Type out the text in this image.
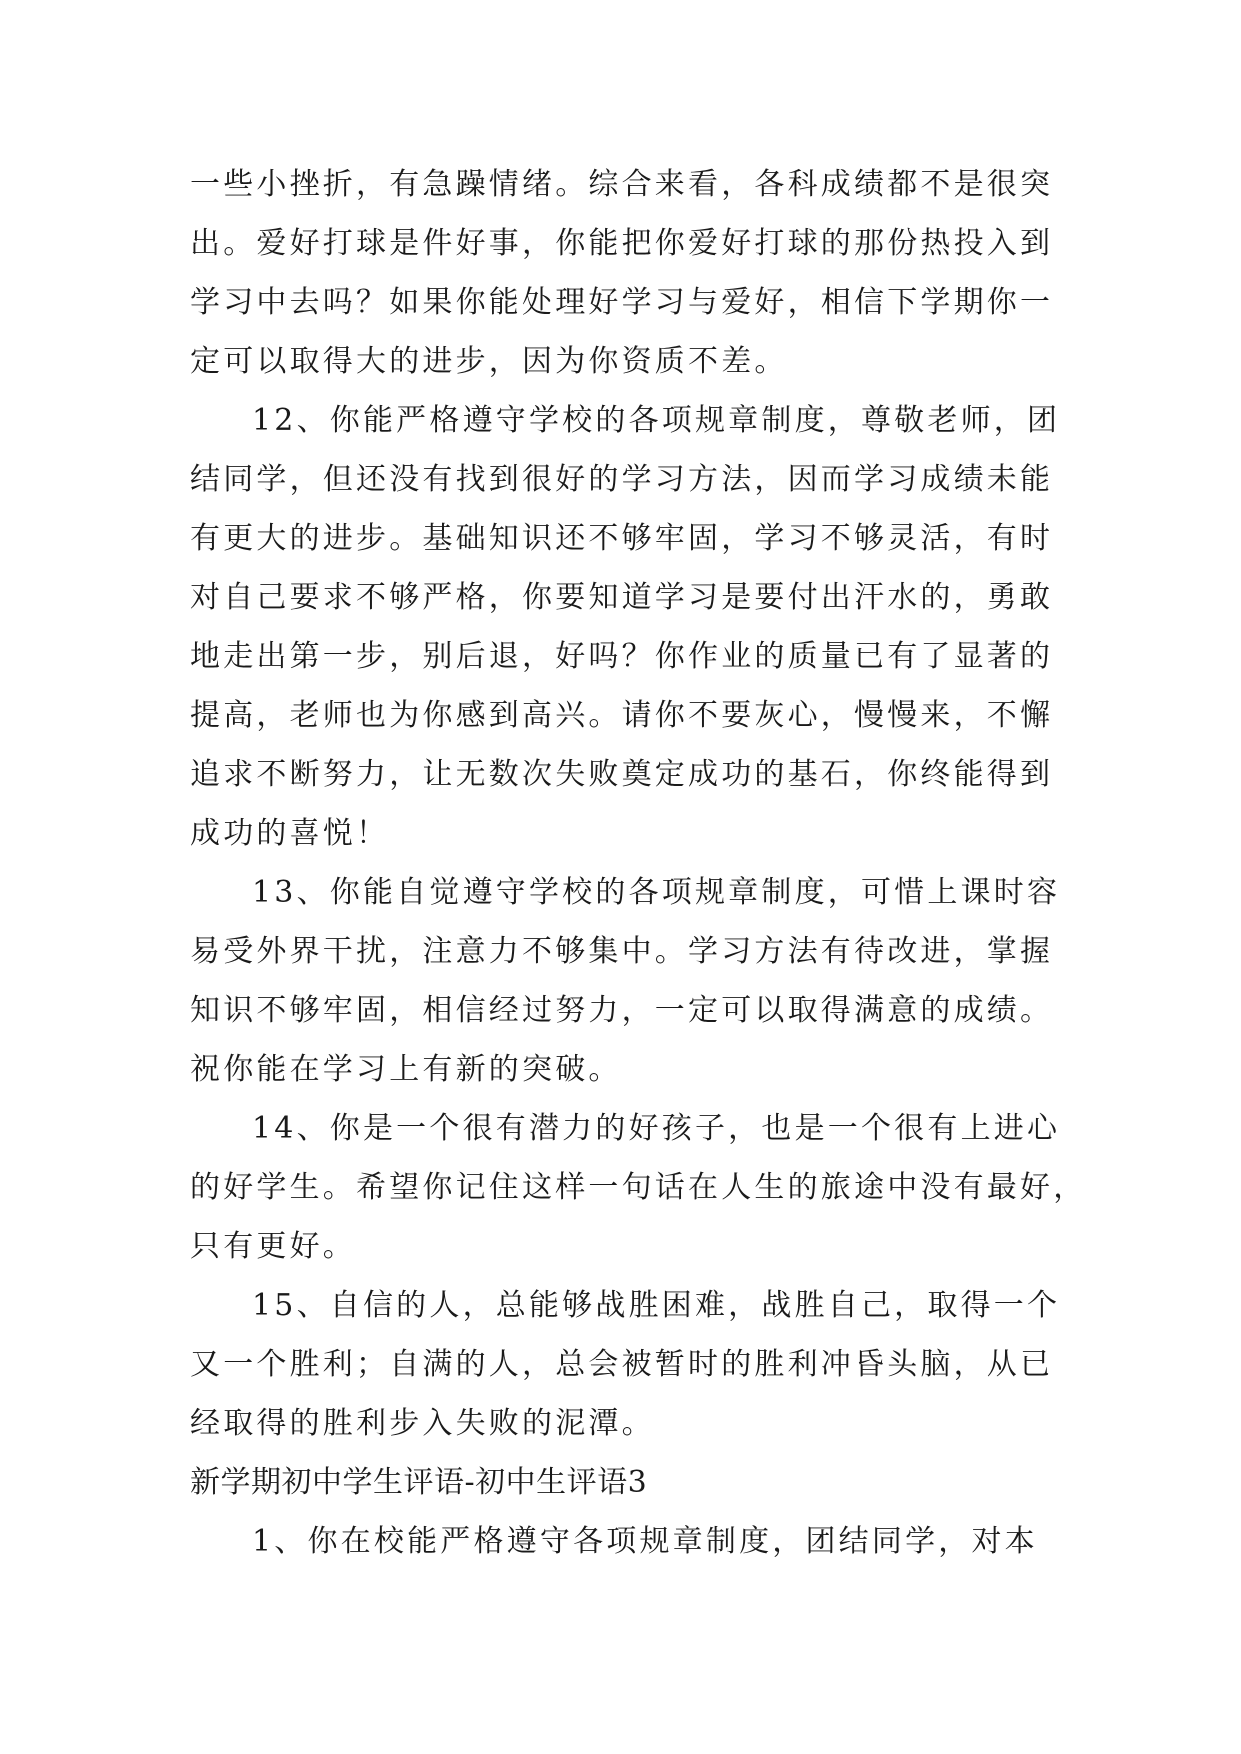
一些小挫折，有急躁情绪。综合来看，各科成绩都不是很突
出。爱好打球是件好事，你能把你爱好打球的那份热投入到
学习中去吗？如果你能处理好学习与爱好，相信下学期你一
定可以取得大的进步，因为你资质不差。
12、你能严格遵守学校的各项规章制度，尊敬老师，团
结同学，但还没有找到很好的学习方法，因而学习成绩未能
有更大的进步。基础知识还不够牢固，学习不够灵活，有时
对自己要求不够严格，你要知道学习是要付出汗水的，勇敢
地走出第一步，别后退，好吗？你作业的质量已有了显著的
提高，老师也为你感到高兴。请你不要灰心，慢慢来，不懈
追求不断努力，让无数次失败奠定成功的基石，你终能得到
成功的喜悦！
13、你能自觉遵守学校的各项规章制度，可惜上课时容
易受外界干扰，注意力不够集中。学习方法有待改进，掌握
知识不够牢固，相信经过努力，一定可以取得满意的成绩。
祝你能在学习上有新的突破。
14、你是一个很有潜力的好孩子，也是一个很有上进心
的好学生。希望你记住这样一句话在人生的旅途中没有最好，
只有更好。
15、自信的人，总能够战胜困难，战胜自己，取得一个
又一个胜利；自满的人，总会被暂时的胜利冲昏头脑，从已
经取得的胜利步入失败的泥潭。
新学期初中学生评语-初中生评语3
1、你在校能严格遵守各项规章制度，团结同学，对本
